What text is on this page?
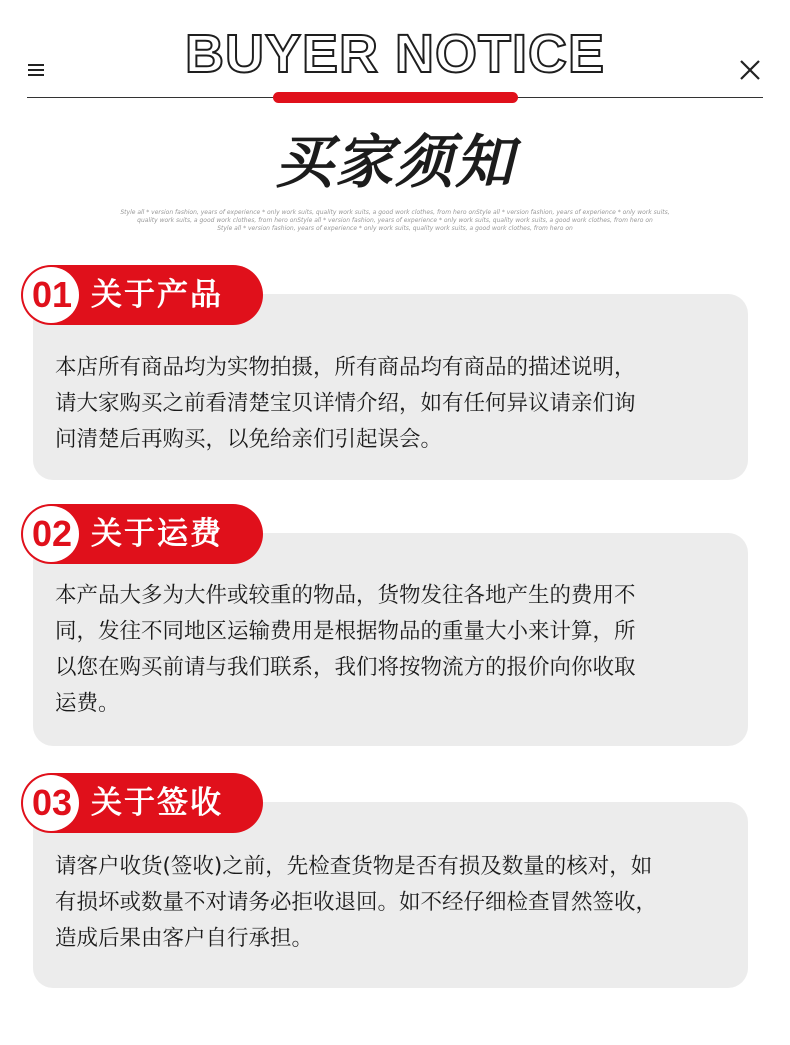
BUYER NOTICE
买家须知
Style all * version fashion, years of experience * only work suits, quality work suits, a good work clothes, from hero onStyle all * version fashion, years of experience * only work suits,
quality work suits, a good work clothes, from hero onStyle all * version fashion, years of experience * only work suits, quality work suits, a good work clothes, from hero on
Style all * version fashion, years of experience * only work suits, quality work suits, a good work clothes, from hero on
本店所有商品均为实物拍摄，所有商品均有商品的描述说明，
请大家购买之前看清楚宝贝详情介绍，如有任何异议请亲们询
问清楚后再购买，以免给亲们引起误会。
01 关于产品
本产品大多为大件或较重的物品，货物发往各地产生的费用不
同，发往不同地区运输费用是根据物品的重量大小来计算，所
以您在购买前请与我们联系，我们将按物流方的报价向你收取
运费。
02 关于运费
请客户收货(签收)之前，先检查货物是否有损及数量的核对，如
有损坏或数量不对请务必拒收退回。如不经仔细检查冒然签收，
造成后果由客户自行承担。
03 关于签收
